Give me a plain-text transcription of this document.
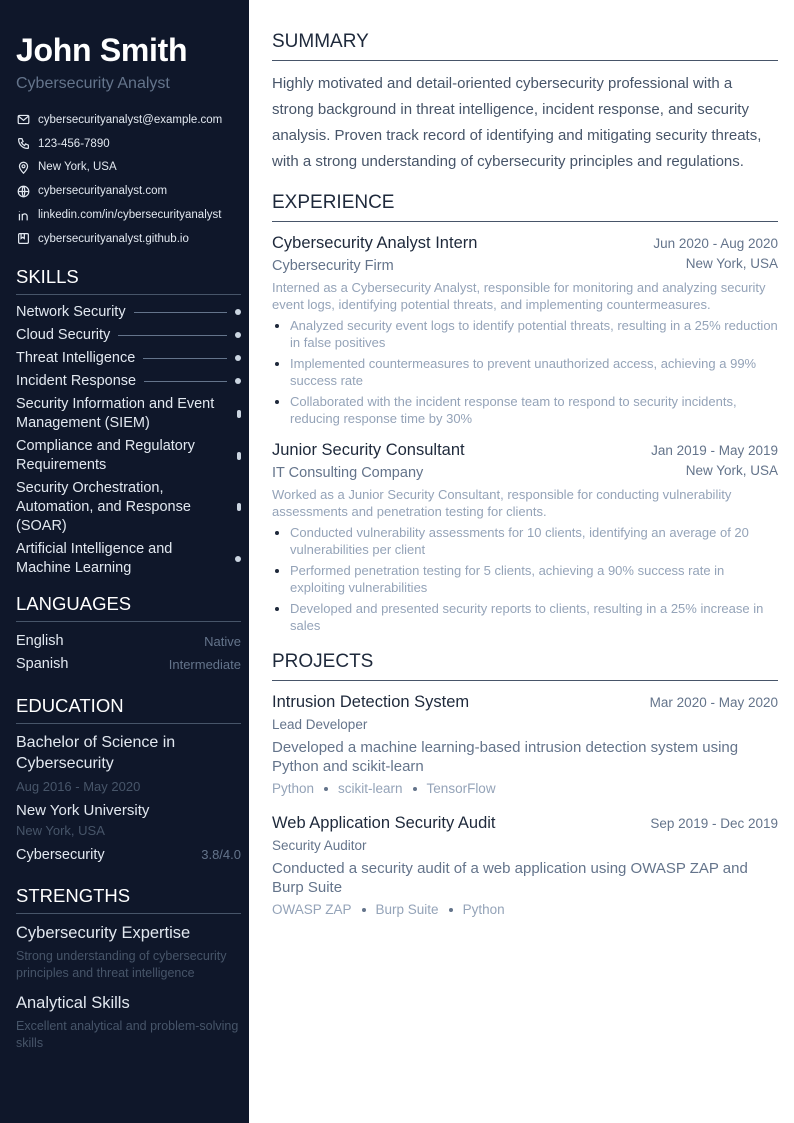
John Smith
Cybersecurity Analyst
cybersecurityanalyst@example.com
123-456-7890
New York, USA
cybersecurityanalyst.com
linkedin.com/in/cybersecurityanalyst
cybersecurityanalyst.github.io
SKILLS
Network Security
Cloud Security
Threat Intelligence
Incident Response
Security Information and Event Management (SIEM)
Compliance and Regulatory Requirements
Security Orchestration, Automation, and Response (SOAR)
Artificial Intelligence and Machine Learning
LANGUAGES
English	Native
Spanish	Intermediate
EDUCATION
Bachelor of Science in Cybersecurity
Aug 2016 - May 2020
New York University
New York, USA
Cybersecurity	3.8/4.0
STRENGTHS
Cybersecurity Expertise
Strong understanding of cybersecurity principles and threat intelligence
Analytical Skills
Excellent analytical and problem-solving skills
SUMMARY
Highly motivated and detail-oriented cybersecurity professional with a strong background in threat intelligence, incident response, and security analysis. Proven track record of identifying and mitigating security threats, with a strong understanding of cybersecurity principles and regulations.
EXPERIENCE
Cybersecurity Analyst Intern	Jun 2020 - Aug 2020
Cybersecurity Firm	New York, USA
Interned as a Cybersecurity Analyst, responsible for monitoring and analyzing security event logs, identifying potential threats, and implementing countermeasures.
Analyzed security event logs to identify potential threats, resulting in a 25% reduction in false positives
Implemented countermeasures to prevent unauthorized access, achieving a 99% success rate
Collaborated with the incident response team to respond to security incidents, reducing response time by 30%
Junior Security Consultant	Jan 2019 - May 2019
IT Consulting Company	New York, USA
Worked as a Junior Security Consultant, responsible for conducting vulnerability assessments and penetration testing for clients.
Conducted vulnerability assessments for 10 clients, identifying an average of 20 vulnerabilities per client
Performed penetration testing for 5 clients, achieving a 90% success rate in exploiting vulnerabilities
Developed and presented security reports to clients, resulting in a 25% increase in sales
PROJECTS
Intrusion Detection System	Mar 2020 - May 2020
Lead Developer
Developed a machine learning-based intrusion detection system using Python and scikit-learn
Python scikit-learn TensorFlow
Web Application Security Audit	Sep 2019 - Dec 2019
Security Auditor
Conducted a security audit of a web application using OWASP ZAP and Burp Suite
OWASP ZAP Burp Suite Python
